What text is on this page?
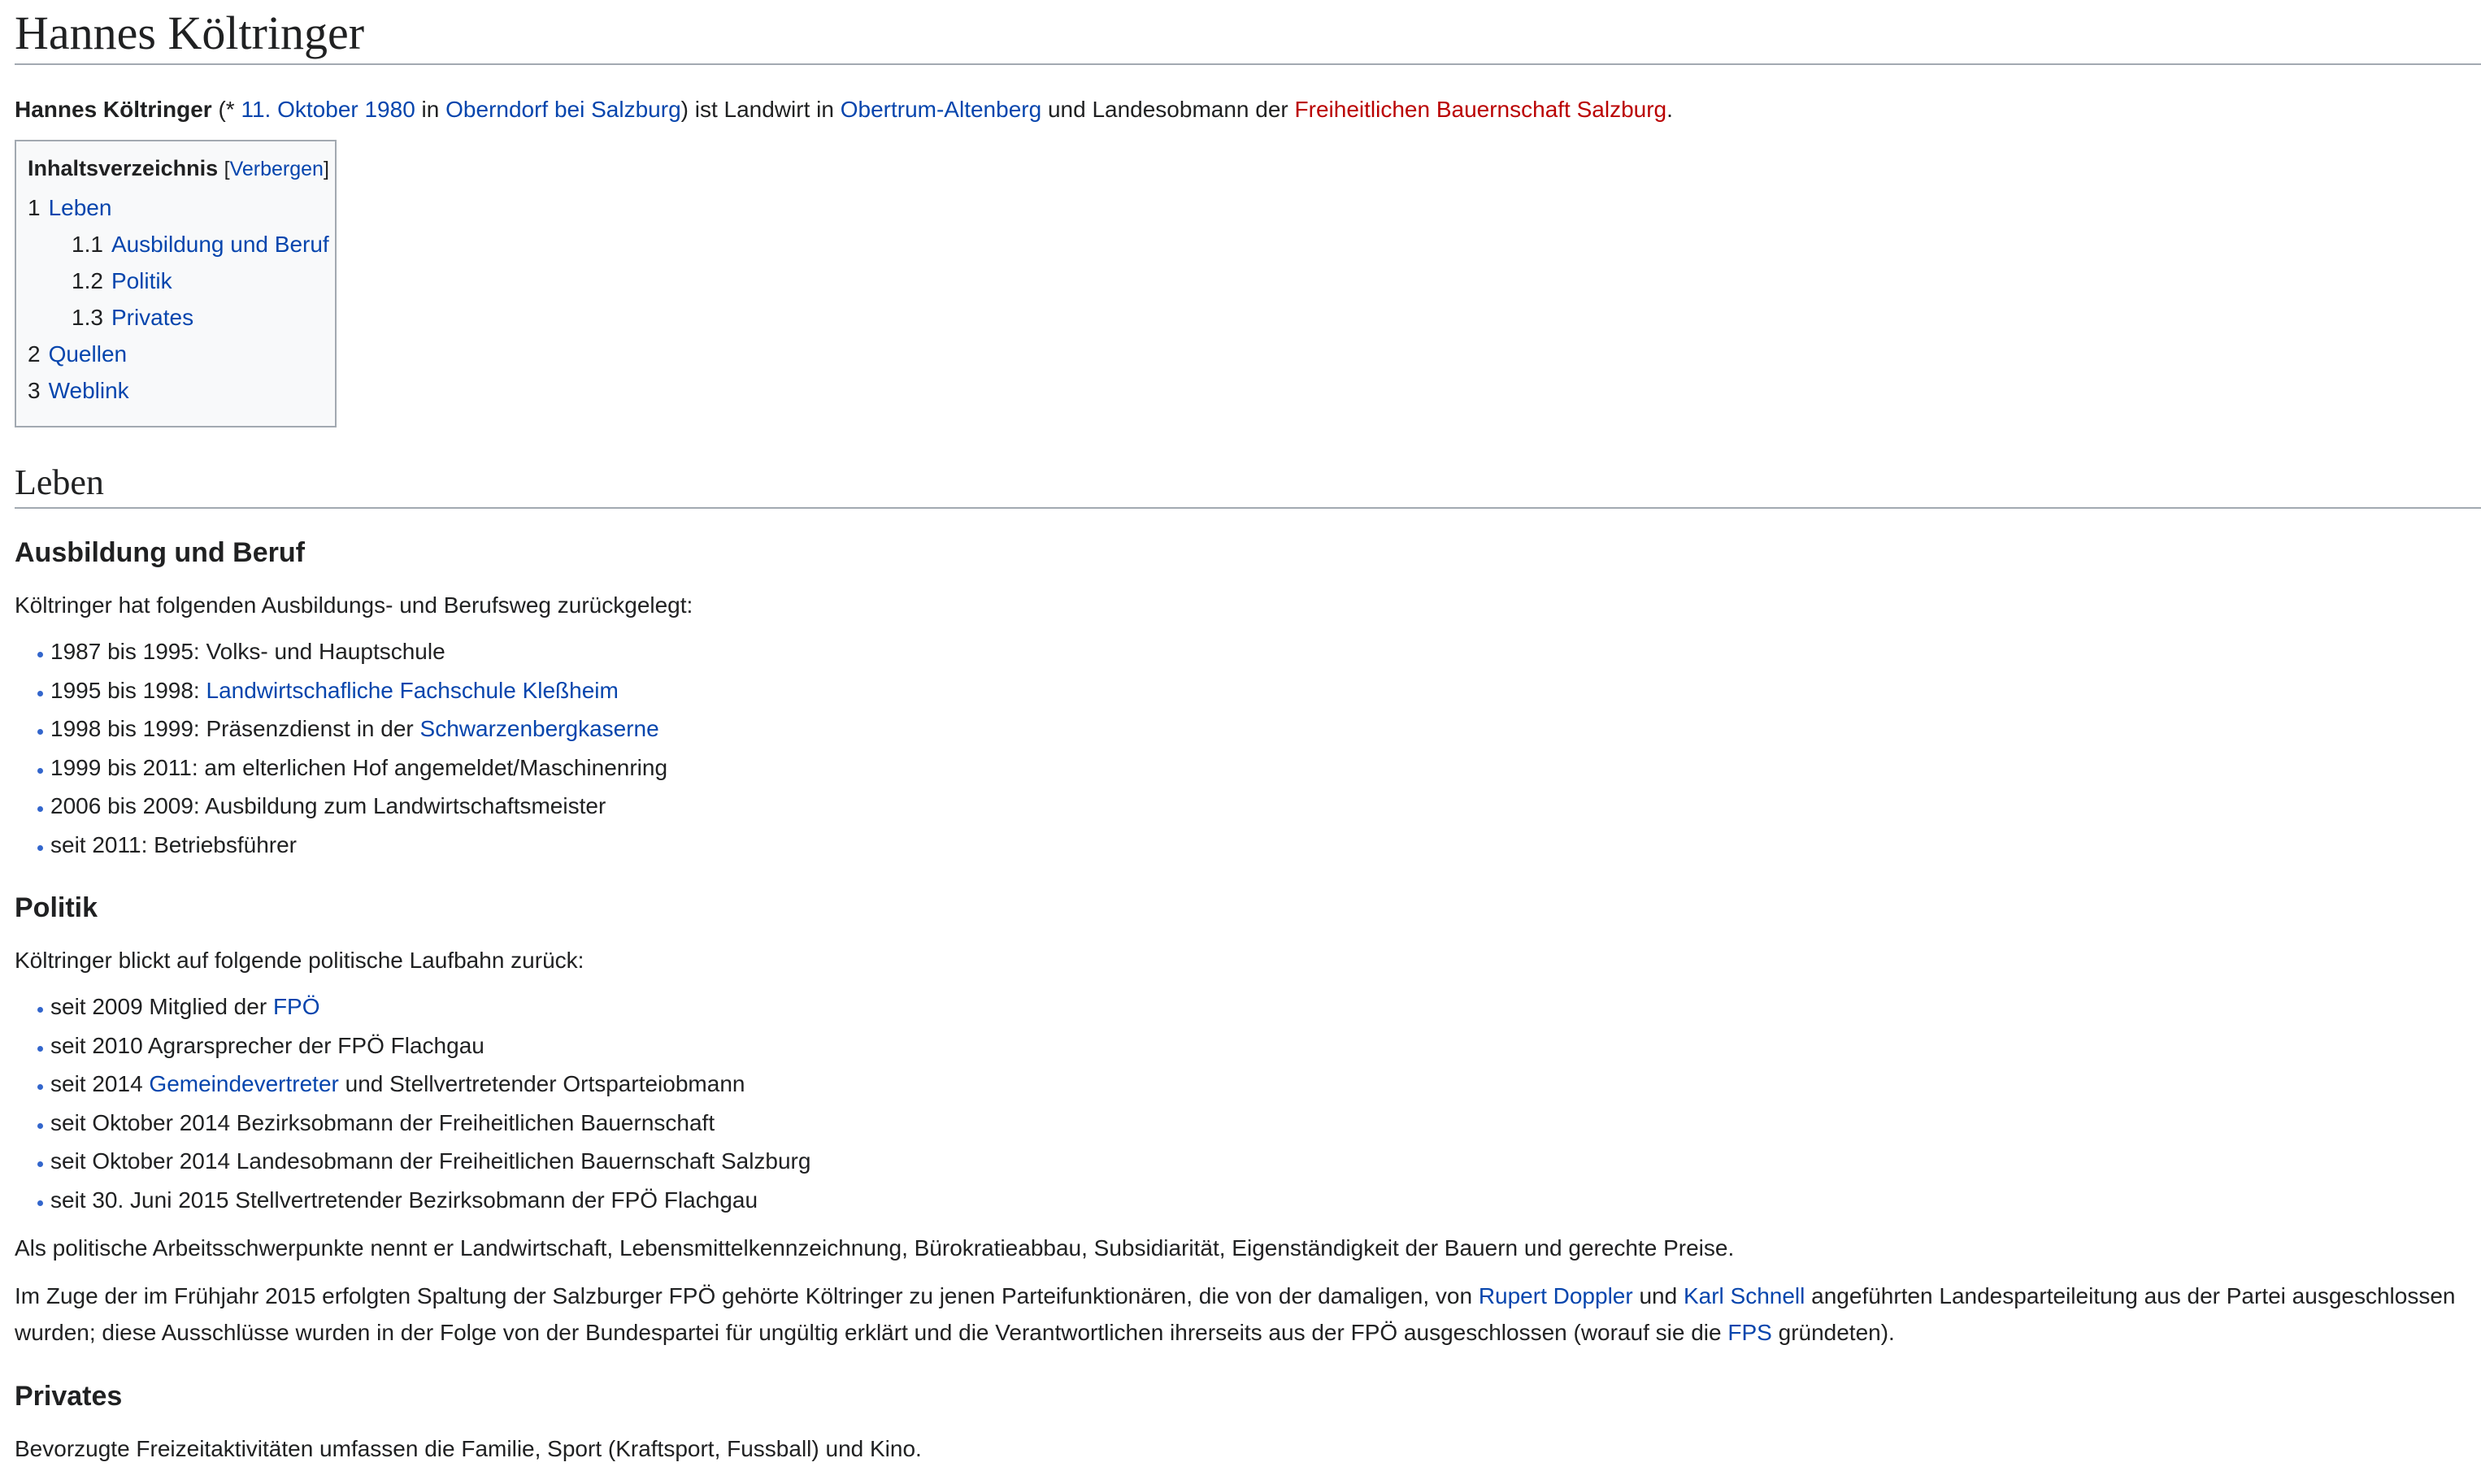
Hannes Költringer
Hannes Költringer (* 11. Oktober 1980 in Oberndorf bei Salzburg) ist Landwirt in Obertrum-Altenberg und Landesobmann der Freiheitlichen Bauernschaft Salzburg.
Inhaltsverzeichnis [Verbergen]
1 Leben
1.1 Ausbildung und Beruf
1.2 Politik
1.3 Privates
2 Quellen
3 Weblink
Leben
Ausbildung und Beruf
Költringer hat folgenden Ausbildungs- und Berufsweg zurückgelegt:
1987 bis 1995: Volks- und Hauptschule
1995 bis 1998: Landwirtschafliche Fachschule Kleßheim
1998 bis 1999: Präsenzdienst in der Schwarzenbergkaserne
1999 bis 2011: am elterlichen Hof angemeldet/Maschinenring
2006 bis 2009: Ausbildung zum Landwirtschaftsmeister
seit 2011: Betriebsführer
Politik
Költringer blickt auf folgende politische Laufbahn zurück:
seit 2009 Mitglied der FPÖ
seit 2010 Agrarsprecher der FPÖ Flachgau
seit 2014 Gemeindevertreter und Stellvertretender Ortsparteiobmann
seit Oktober 2014 Bezirksobmann der Freiheitlichen Bauernschaft
seit Oktober 2014 Landesobmann der Freiheitlichen Bauernschaft Salzburg
seit 30. Juni 2015 Stellvertretender Bezirksobmann der FPÖ Flachgau
Als politische Arbeitsschwerpunkte nennt er Landwirtschaft, Lebensmittelkennzeichnung, Bürokratieabbau, Subsidiarität, Eigenständigkeit der Bauern und gerechte Preise.
Im Zuge der im Frühjahr 2015 erfolgten Spaltung der Salzburger FPÖ gehörte Költringer zu jenen Parteifunktionären, die von der damaligen, von Rupert Doppler und Karl Schnell angeführten Landesparteileitung aus der Partei ausgeschlossen
wurden; diese Ausschlüsse wurden in der Folge von der Bundespartei für ungültig erklärt und die Verantwortlichen ihrerseits aus der FPÖ ausgeschlossen (worauf sie die FPS gründeten).
Privates
Bevorzugte Freizeitaktivitäten umfassen die Familie, Sport (Kraftsport, Fussball) und Kino.
